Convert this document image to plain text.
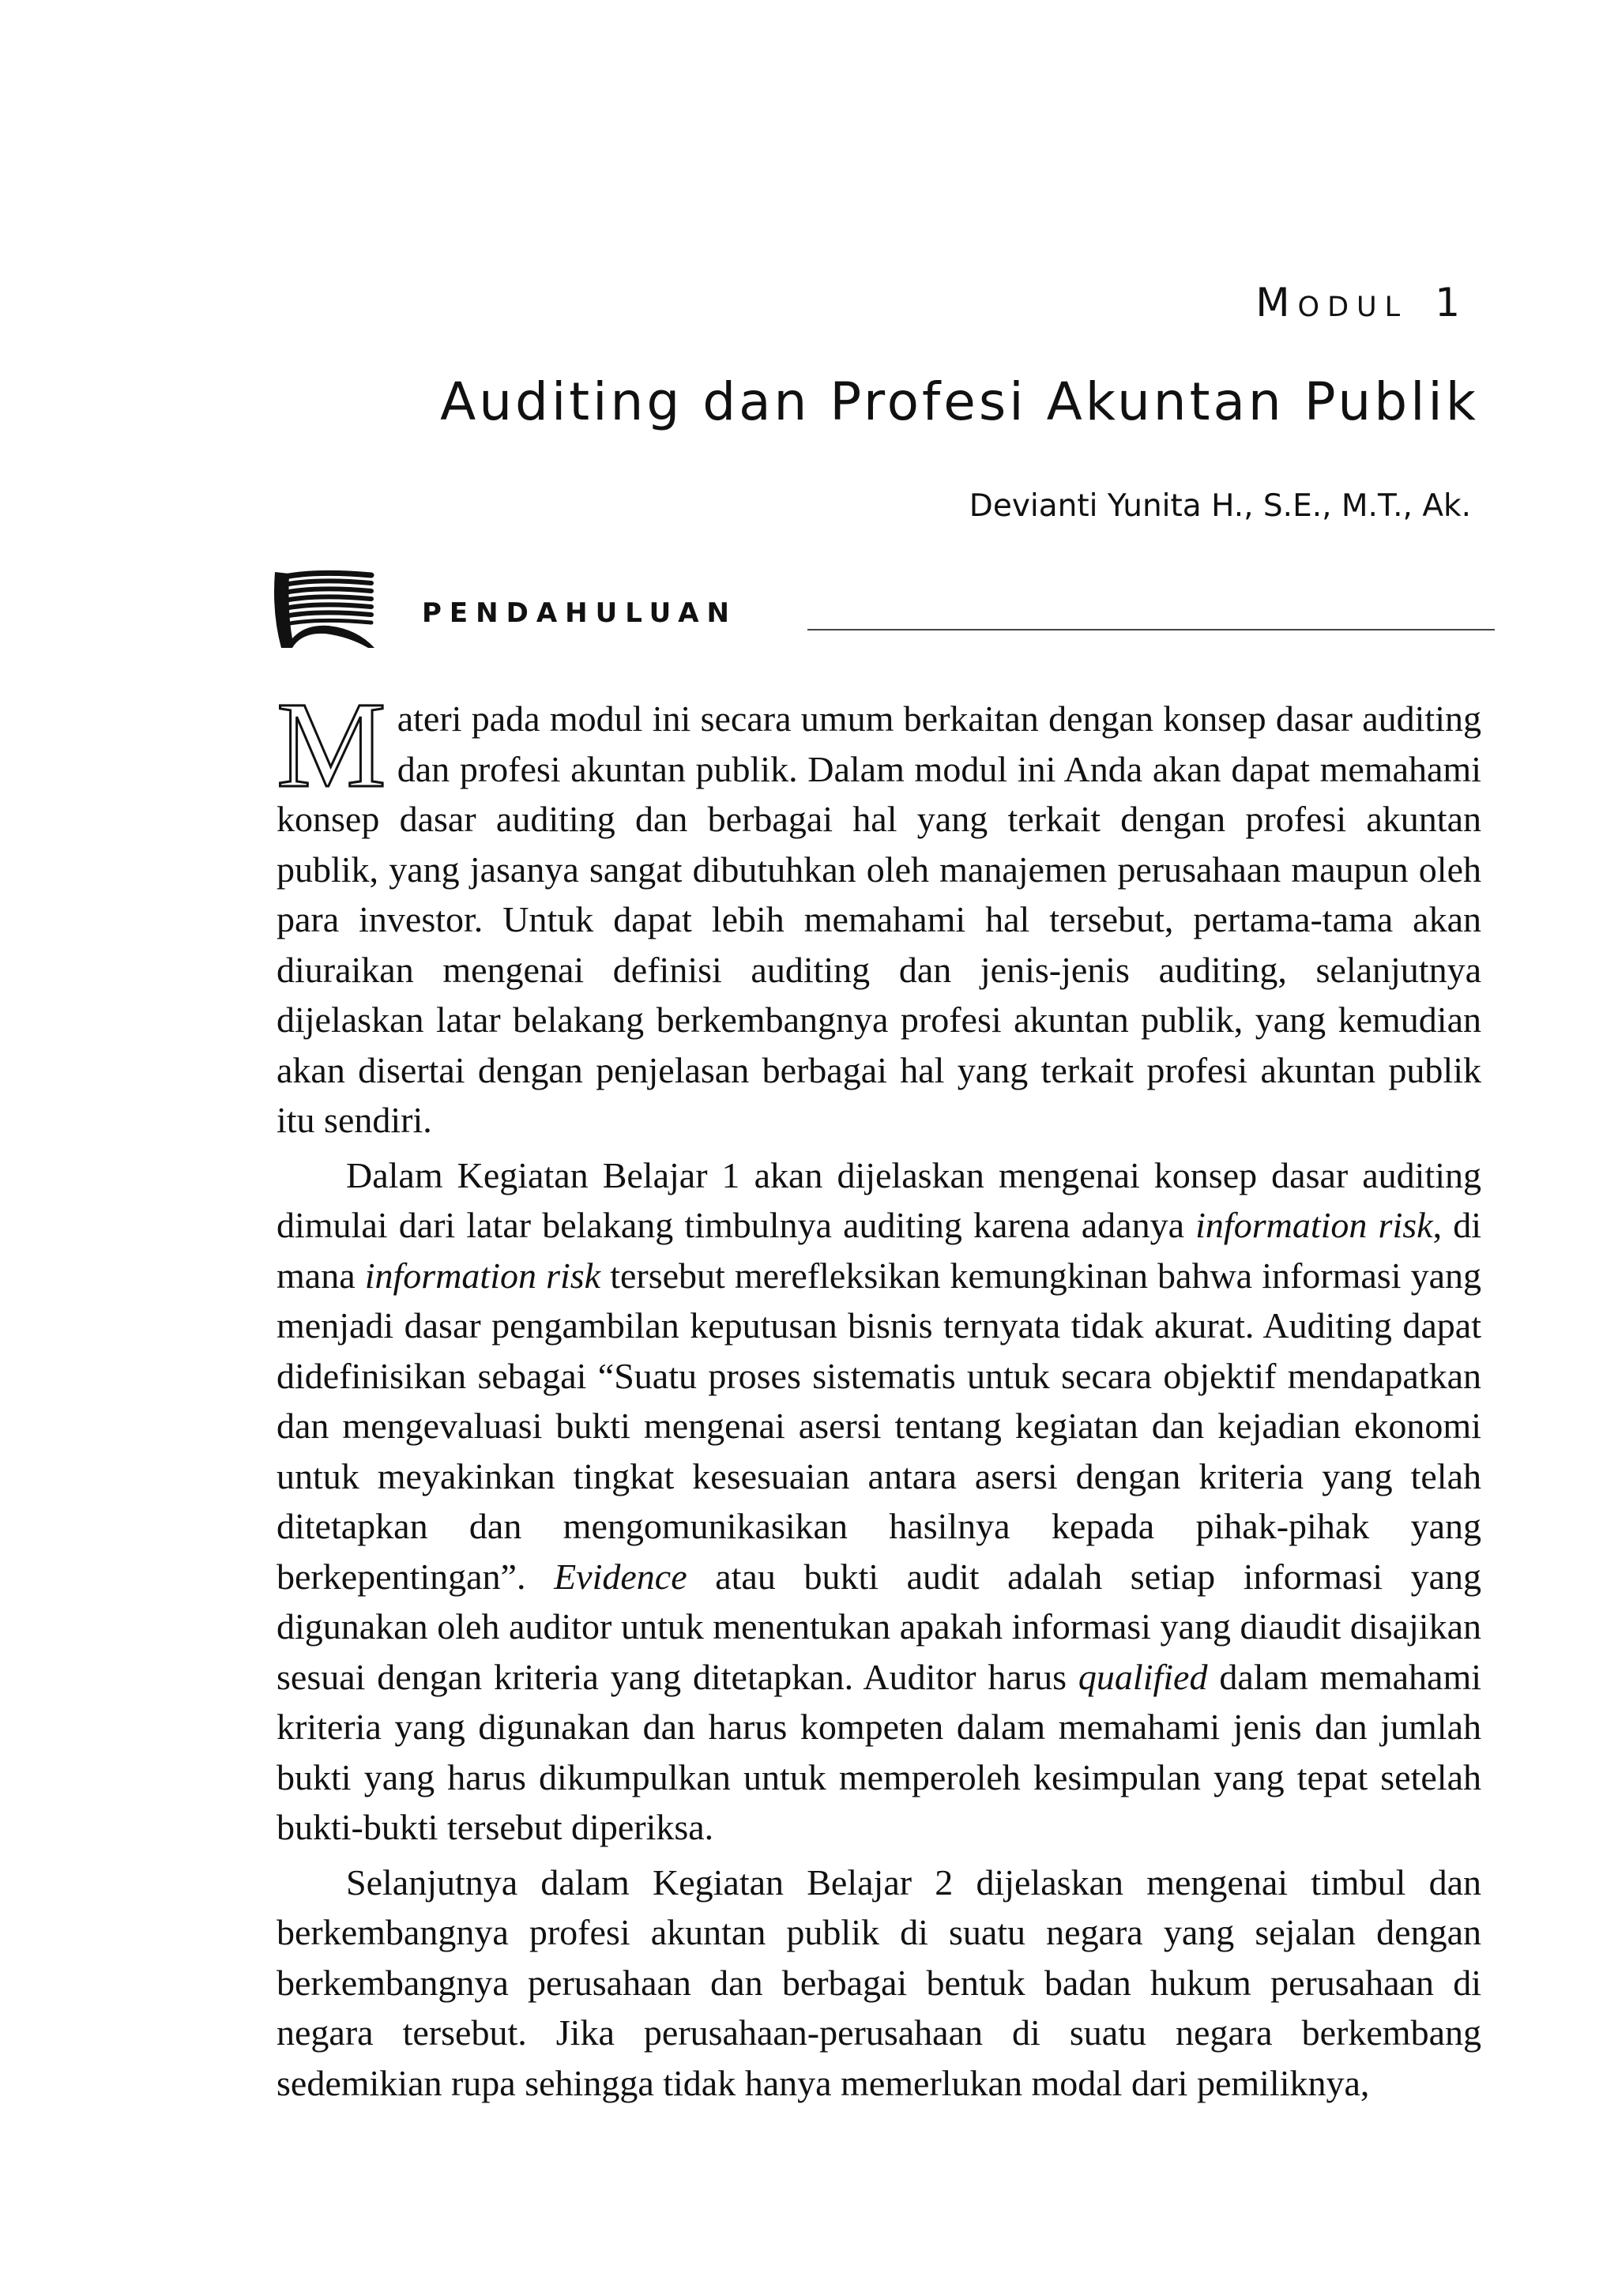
Modul 1
Auditing dan Profesi Akuntan Publik
Devianti Yunita H., S.E., M.T., Ak.
PENDAHULUAN

Materi pada modul ini secara umum berkaitan dengan konsep dasar auditing dan profesi akuntan publik. Dalam modul ini Anda akan dapat memahami konsep dasar auditing dan berbagai hal yang terkait dengan profesi akuntan publik, yang jasanya sangat dibutuhkan oleh manajemen perusahaan maupun oleh para investor. Untuk dapat lebih memahami hal tersebut, pertama-tama akan diuraikan mengenai definisi auditing dan jenis-jenis auditing, selanjutnya dijelaskan latar belakang berkembangnya profesi akuntan publik, yang kemudian akan disertai dengan penjelasan berbagai hal yang terkait profesi akuntan publik itu sendiri.

Dalam Kegiatan Belajar 1 akan dijelaskan mengenai konsep dasar auditing dimulai dari latar belakang timbulnya auditing karena adanya information risk, di mana information risk tersebut merefleksikan kemungkinan bahwa informasi yang menjadi dasar pengambilan keputusan bisnis ternyata tidak akurat. Auditing dapat didefinisikan sebagai “Suatu proses sistematis untuk secara objektif mendapatkan dan mengevaluasi bukti mengenai asersi tentang kegiatan dan kejadian ekonomi untuk meyakinkan tingkat kesesuaian antara asersi dengan kriteria yang telah ditetapkan dan mengomunikasikan hasilnya kepada pihak-pihak yang berkepentingan”. Evidence atau bukti audit adalah setiap informasi yang digunakan oleh auditor untuk menentukan apakah informasi yang diaudit disajikan sesuai dengan kriteria yang ditetapkan. Auditor harus qualified dalam memahami kriteria yang digunakan dan harus kompeten dalam memahami jenis dan jumlah bukti yang harus dikumpulkan untuk memperoleh kesimpulan yang tepat setelah bukti-bukti tersebut diperiksa.

Selanjutnya dalam Kegiatan Belajar 2 dijelaskan mengenai timbul dan berkembangnya profesi akuntan publik di suatu negara yang sejalan dengan berkembangnya perusahaan dan berbagai bentuk badan hukum perusahaan di negara tersebut. Jika perusahaan-perusahaan di suatu negara berkembang sedemikian rupa sehingga tidak hanya memerlukan modal dari pemiliknya,
